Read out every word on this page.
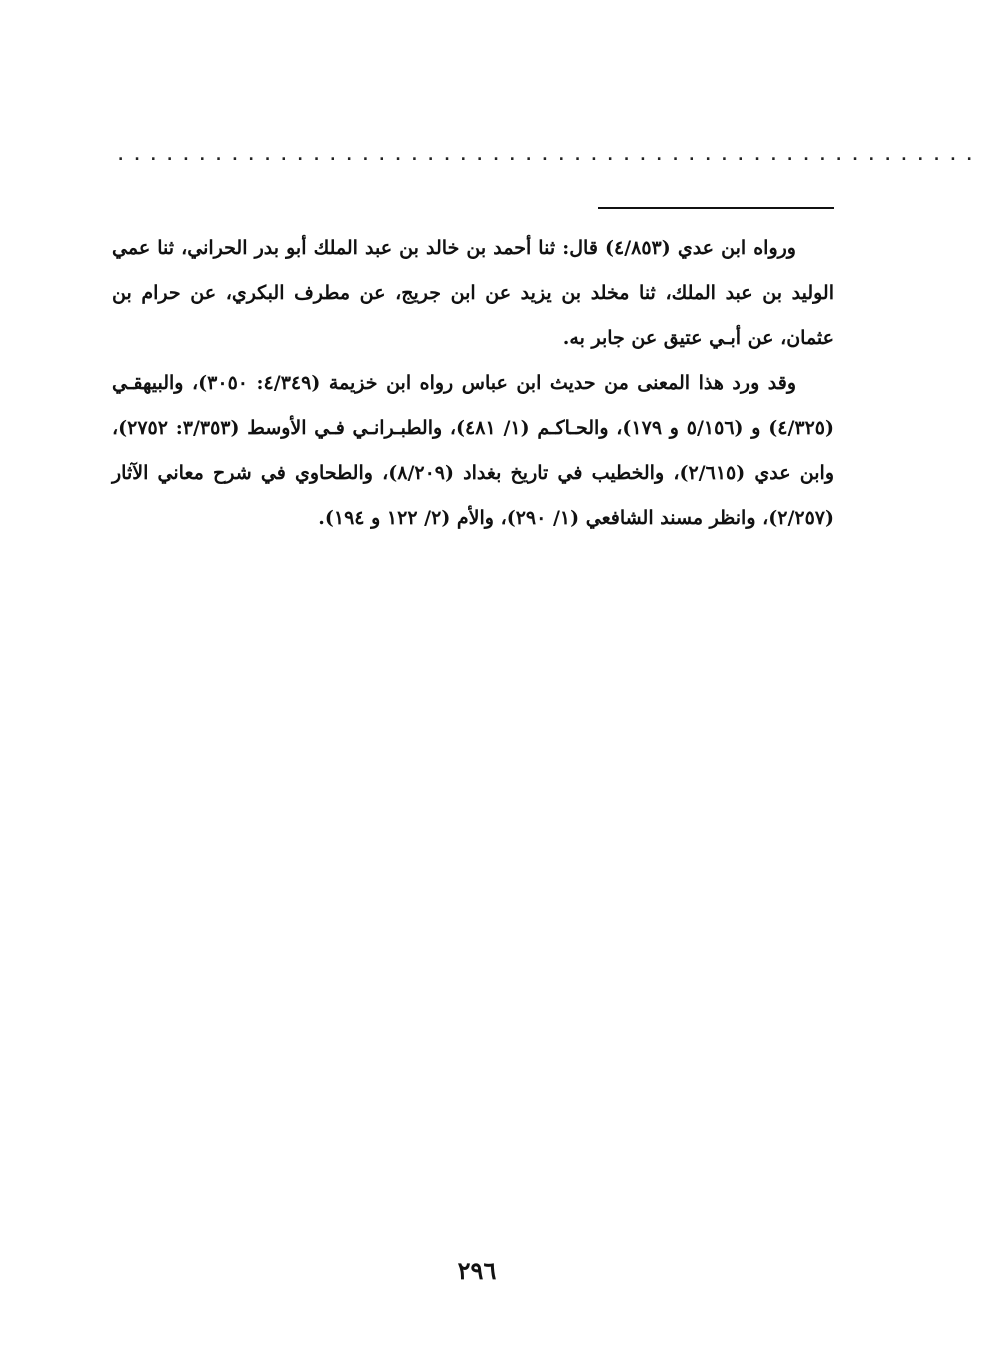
.....................................................

ورواه ابن عدي (٤/٨٥٣) قال: ثنا أحمد بن خالد بن عبد الملك أبو بدر الحراني، ثنا عمي الوليد بن عبد الملك، ثنا مخلد بن يزيد عن ابن جريج، عن مطرف البكري، عن حرام بن عثمان، عن أبـي عتيق عن جابر به.

وقد ورد هذا المعنى من حديث ابن عباس رواه ابن خزيمة (٤/٣٤٩: ٣٠٥٠)، والبيهقـي (٤/٣٢٥) و (٥/١٥٦ و ١٧٩)، والحـاكـم (١/ ٤٨١)، والطبـرانـي فـي الأوسط (٣/٣٥٣: ٢٧٥٢)، وابن عدي (٢/٦١٥)، والخطيب في تاريخ بغداد (٨/٢٠٩)، والطحاوي في شرح معاني الآثار (٢/٢٥٧)، وانظر مسند الشافعي (١/ ٢٩٠)، والأم (٢/ ١٢٢ و ١٩٤).

٢٩٦
